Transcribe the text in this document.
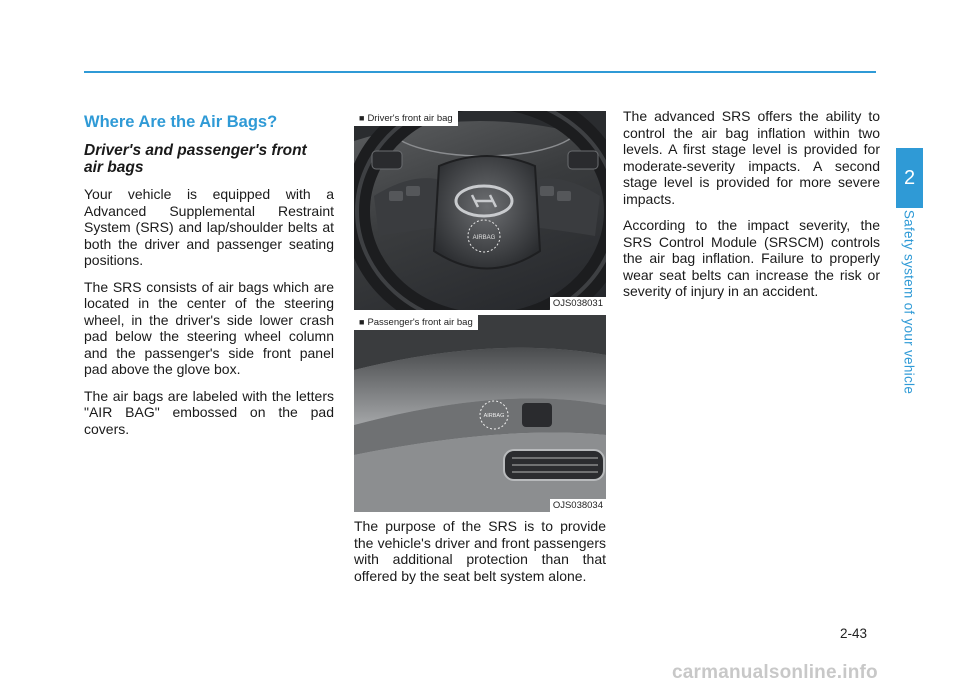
Where Are the Air Bags?
Driver's and passenger's front air bags

Your vehicle is equipped with a Advanced Supplemental Restraint System (SRS) and lap/shoulder belts at both the driver and passenger seating positions.

The SRS consists of air bags which are located in the center of the steering wheel, in the driver's side lower crash pad below the steering wheel column and the passenger's side front panel pad above the glove box.

The air bags are labeled with the letters "AIR BAG" embossed on the pad covers.

AIRBAG
■ Driver's front air bag
OJS038031
AIRBAG
■ Passenger's front air bag
OJS038034

The purpose of the SRS is to provide the vehicle's driver and front passengers with additional protection than that offered by the seat belt system alone.

The advanced SRS offers the ability to control the air bag inflation within two levels. A first stage level is provided for moderate-severity impacts. A second stage level is provided for more severe impacts.

According to the impact severity, the SRS Control Module (SRSCM) controls the air bag inflation. Failure to properly wear seat belts can increase the risk or severity of injury in an accident.

2
Safety system of your vehicle
2-43
carmanualsonline.info
